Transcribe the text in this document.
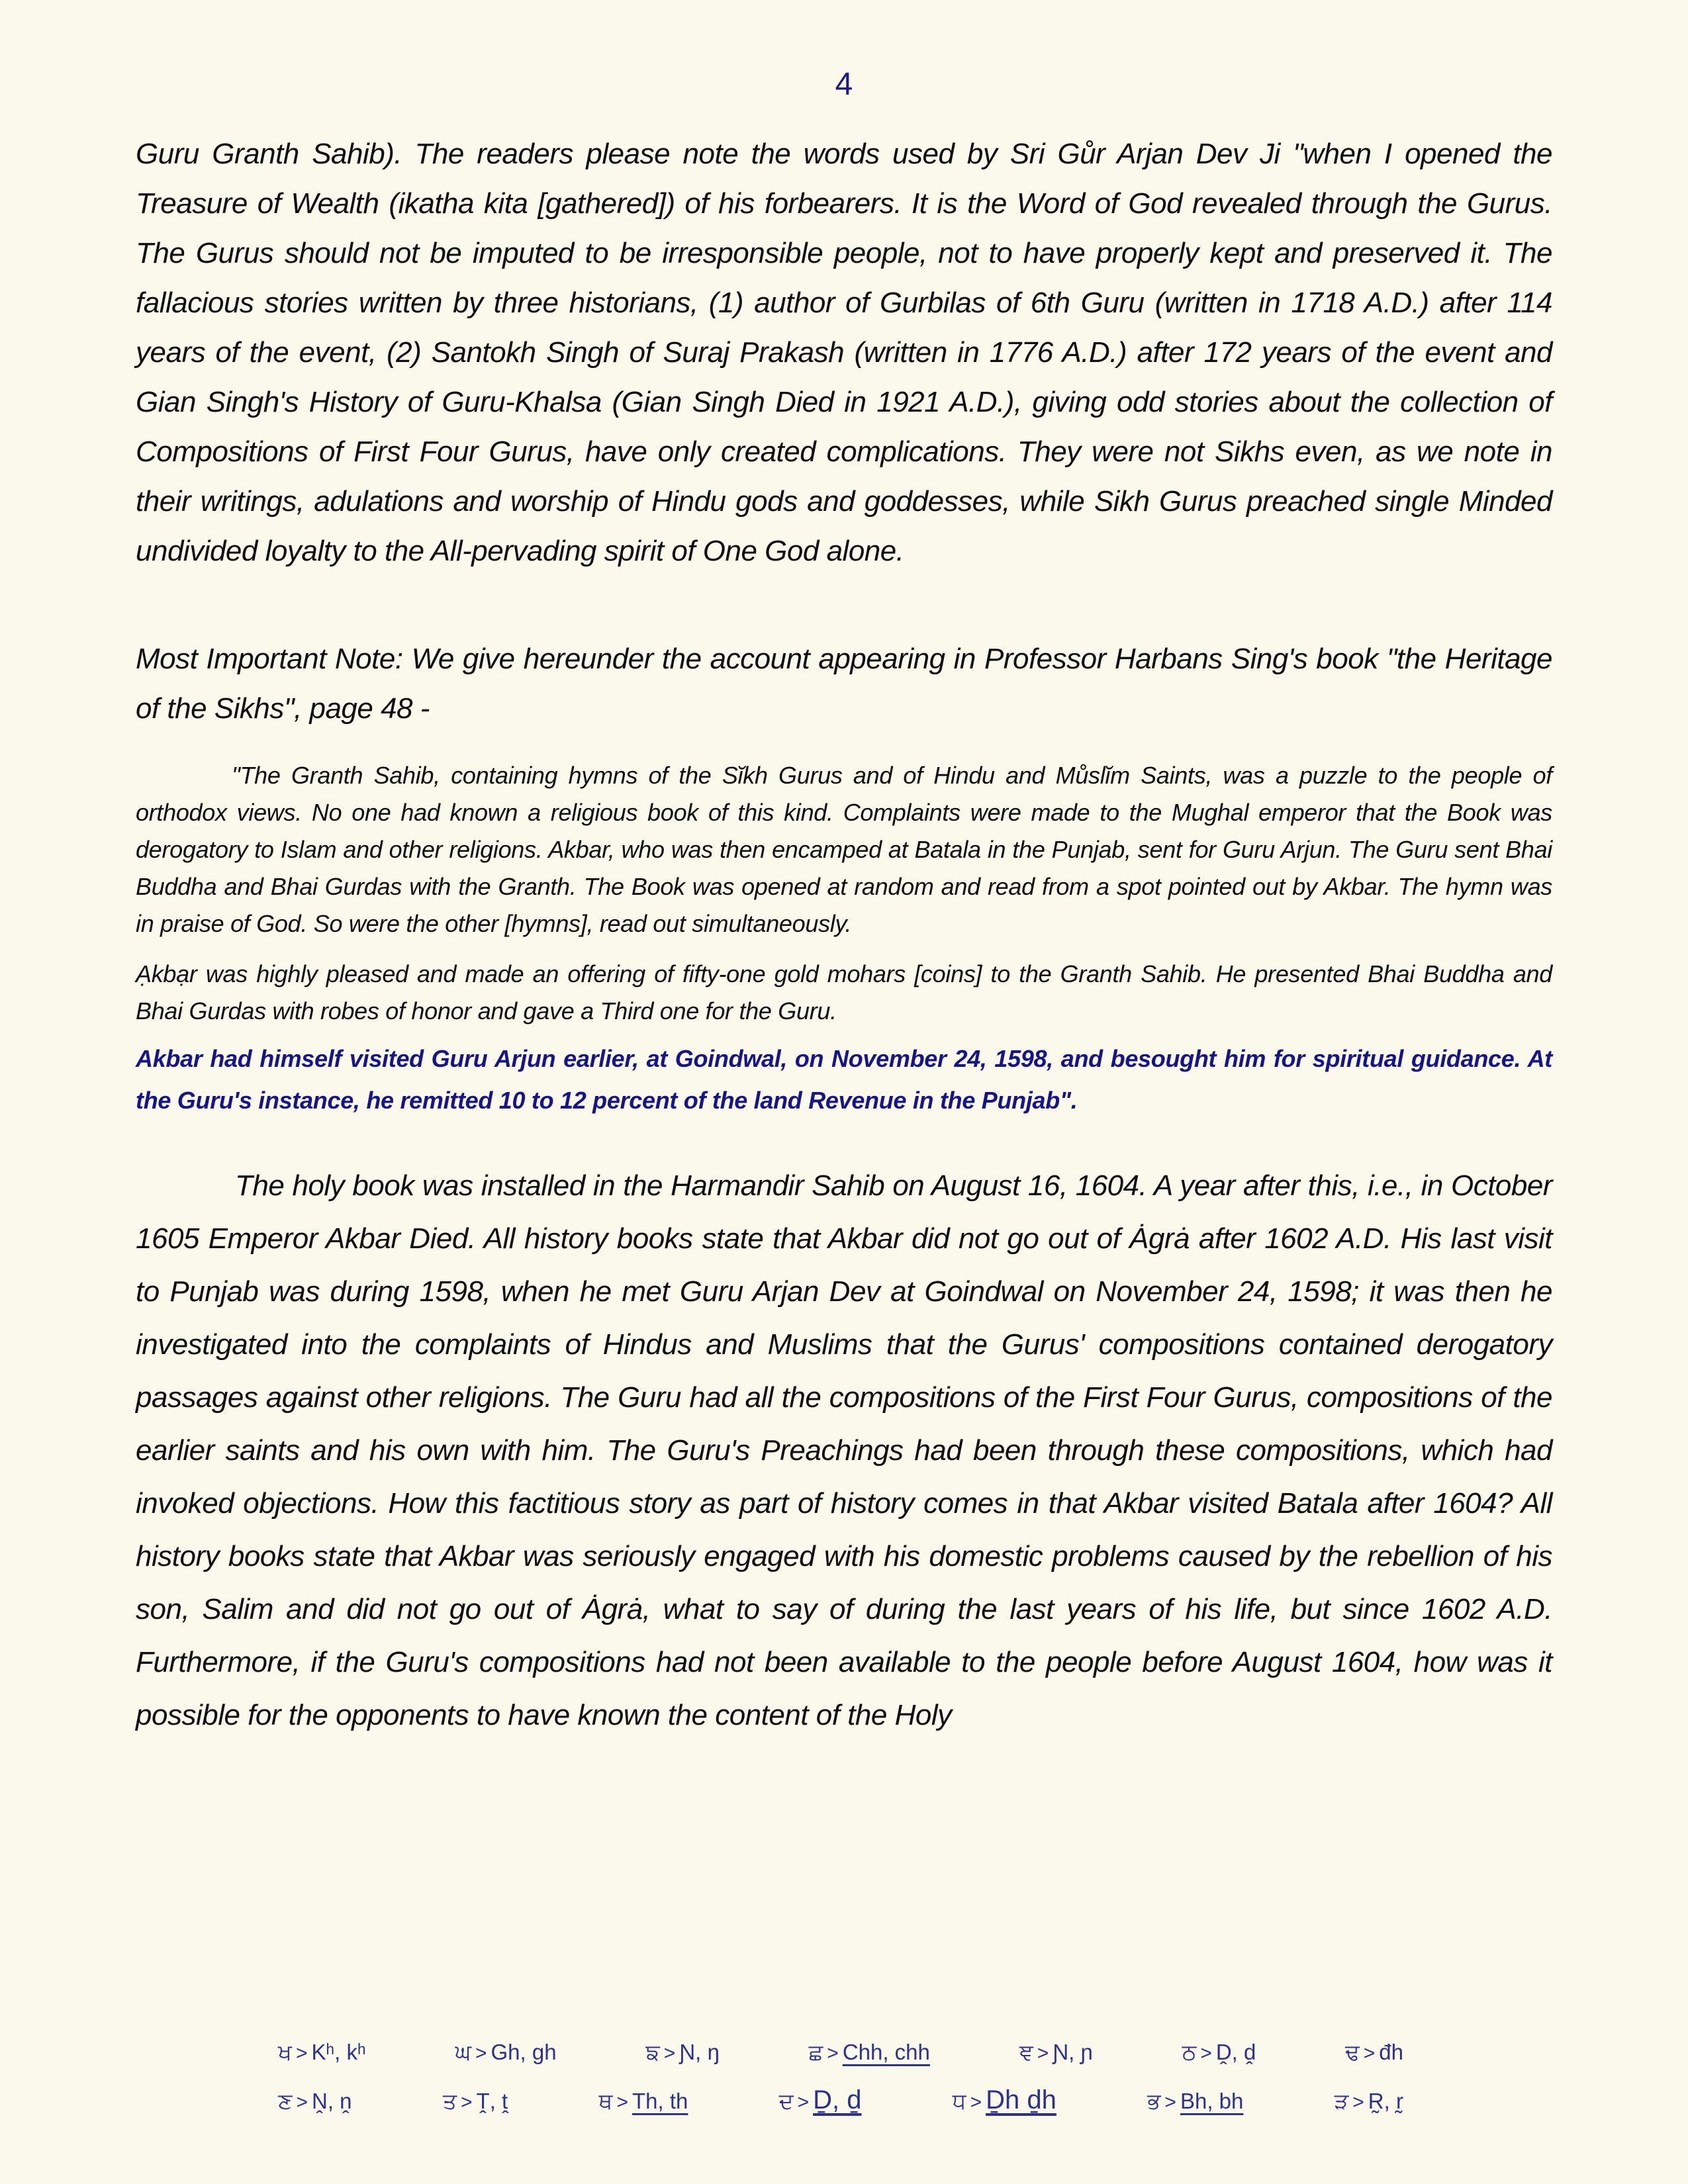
4

Guru Granth Sahib). The readers please note the words used by Sri Gůr Arjan Dev Ji "when I opened the Treasure of Wealth (ikatha kita [gathered]) of his forbearers. It is the Word of God revealed through the Gurus. The Gurus should not be imputed to be irresponsible people, not to have properly kept and preserved it. The fallacious stories written by three historians, (1) author of Gurbilas of 6th Guru (written in 1718 A.D.) after 114 years of the event, (2) Santokh Singh of Suraj Prakash (written in 1776 A.D.) after 172 years of the event and Gian Singh's History of Guru-Khalsa (Gian Singh Died in 1921 A.D.), giving odd stories about the collection of Compositions of First Four Gurus, have only created complications. They were not Sikhs even, as we note in their writings, adulations and worship of Hindu gods and goddesses, while Sikh Gurus preached single Minded undivided loyalty to the All-pervading spirit of One God alone.

Most Important Note: We give hereunder the account appearing in Professor Harbans Sing's book "the Heritage of the Sikhs", page 48 -

"The Granth Sahib, containing hymns of the Sĭkh Gurus and of Hindu and Můslĭm Saints, was a puzzle to the people of orthodox views. No one had known a religious book of this kind. Complaints were made to the Mughal emperor that the Book was derogatory to Islam and other religions. Akbar, who was then encamped at Batala in the Punjab, sent for Guru Arjun. The Guru sent Bhai Buddha and Bhai Gurdas with the Granth. The Book was opened at random and read from a spot pointed out by Akbar. The hymn was in praise of God. So were the other [hymns], read out simultaneously.

Ạkbạr was highly pleased and made an offering of fifty-one gold mohars [coins] to the Granth Sahib. He presented Bhai Buddha and Bhai Gurdas with robes of honor and gave a Third one for the Guru.

Akbar had himself visited Guru Arjun earlier, at Goindwal, on November 24, 1598, and besought him for spiritual guidance. At the Guru's instance, he remitted 10 to 12 percent of the land Revenue in the Punjab".

The holy book was installed in the Harmandir Sahib on August 16, 1604. A year after this, i.e., in October 1605 Emperor Akbar Died. All history books state that Akbar did not go out of Ȧgrȧ after 1602 A.D. His last visit to Punjab was during 1598, when he met Guru Arjan Dev at Goindwal on November 24, 1598; it was then he investigated into the complaints of Hindus and Muslims that the Gurus' compositions contained derogatory passages against other religions. The Guru had all the compositions of the First Four Gurus, compositions of the earlier saints and his own with him. The Guru's Preachings had been through these compositions, which had invoked objections. How this factitious story as part of history comes in that Akbar visited Batala after 1604? All history books state that Akbar was seriously engaged with his domestic problems caused by the rebellion of his son, Salim and did not go out of Ȧgrȧ, what to say of during the last years of his life, but since 1602 A.D. Furthermore, if the Guru's compositions had not been available to the people before August 1604, how was it possible for the opponents to have known the content of the Holy

ਖ > Kʰ, kʰ	ਘ > Gh, gh	ਙ > Ɲ, ŋ	ਛ > Chh, chh	ਞ > Ɲ, ɲ	ਠ > Ḓ, ḓ	ਢ > đh
ਣ > Ṋ, ṋ	ਤ > Ṱ, ṱ	ਥ > Th, th	ਦ > Ḏ, ḏ	ਧ > Ḏh ḏh	ਭ > Bh, bh	ੜ > R̰, r̰
